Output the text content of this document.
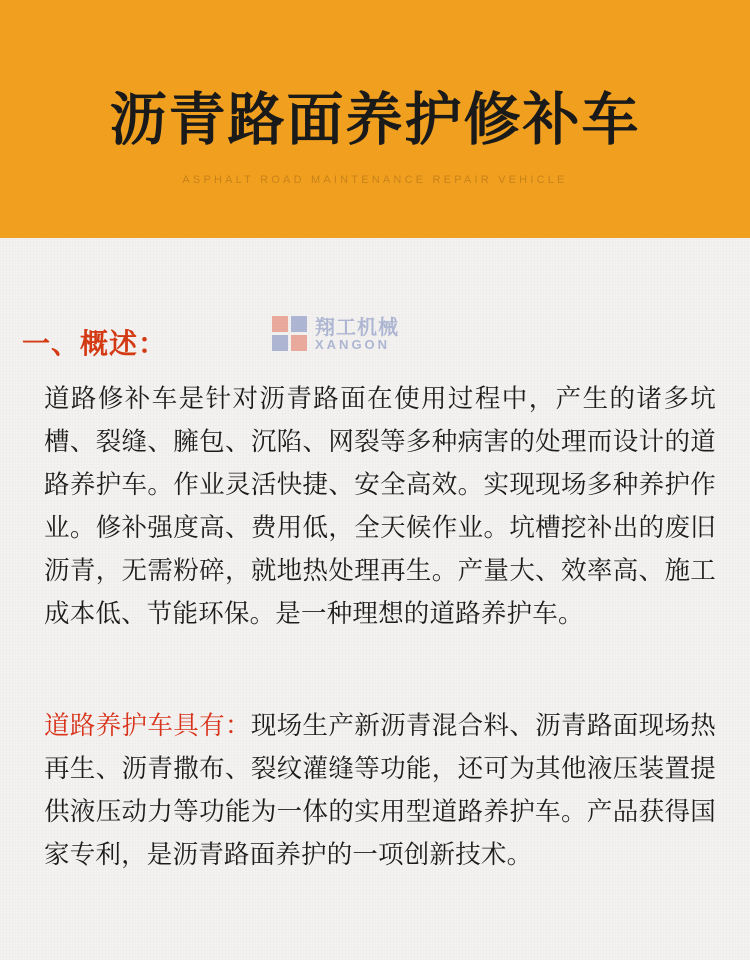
沥青路面养护修补车
ASPHALT ROAD MAINTENANCE REPAIR VEHICLE
一、概述：
翔工机械
XANGON
道路修补车是针对沥青路面在使用过程中，产生的诸多坑槽、裂缝、臃包、沉陷、网裂等多种病害的处理而设计的道路养护车。作业灵活快捷、安全高效。实现现场多种养护作业。修补强度高、费用低，全天候作业。坑槽挖补出的废旧沥青，无需粉碎，就地热处理再生。产量大、效率高、施工成本低、节能环保。是一种理想的道路养护车。
道路养护车具有：现场生产新沥青混合料、沥青路面现场热再生、沥青撒布、裂纹灌缝等功能，还可为其他液压装置提供液压动力等功能为一体的实用型道路养护车。产品获得国家专利，是沥青路面养护的一项创新技术。
